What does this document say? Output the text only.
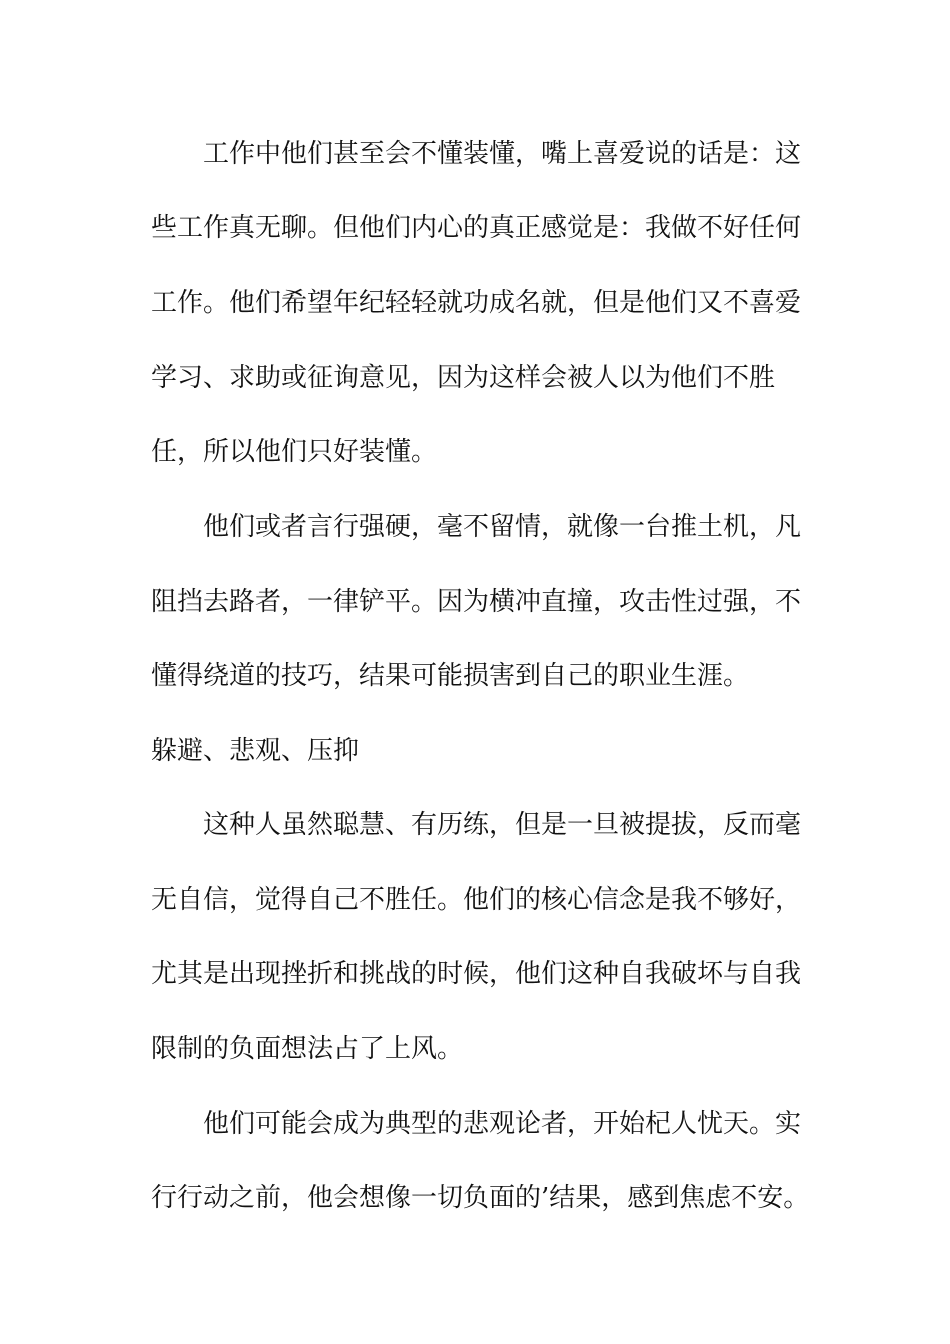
工作中他们甚至会不懂装懂，嘴上喜爱说的话是：这

些工作真无聊。但他们内心的真正感觉是：我做不好任何

工作。他们希望年纪轻轻就功成名就，但是他们又不喜爱

学习、求助或征询意见，因为这样会被人以为他们不胜

任，所以他们只好装懂。

他们或者言行强硬，毫不留情，就像一台推土机，凡

阻挡去路者，一律铲平。因为横冲直撞，攻击性过强，不

懂得绕道的技巧，结果可能损害到自己的职业生涯。

躲避、悲观、压抑

这种人虽然聪慧、有历练，但是一旦被提拔，反而毫

无自信，觉得自己不胜任。他们的核心信念是我不够好，

尤其是出现挫折和挑战的时候，他们这种自我破坏与自我

限制的负面想法占了上风。

他们可能会成为典型的悲观论者，开始杞人忧天。实

行行动之前，他会想像一切负面的’结果，感到焦虑不安。
